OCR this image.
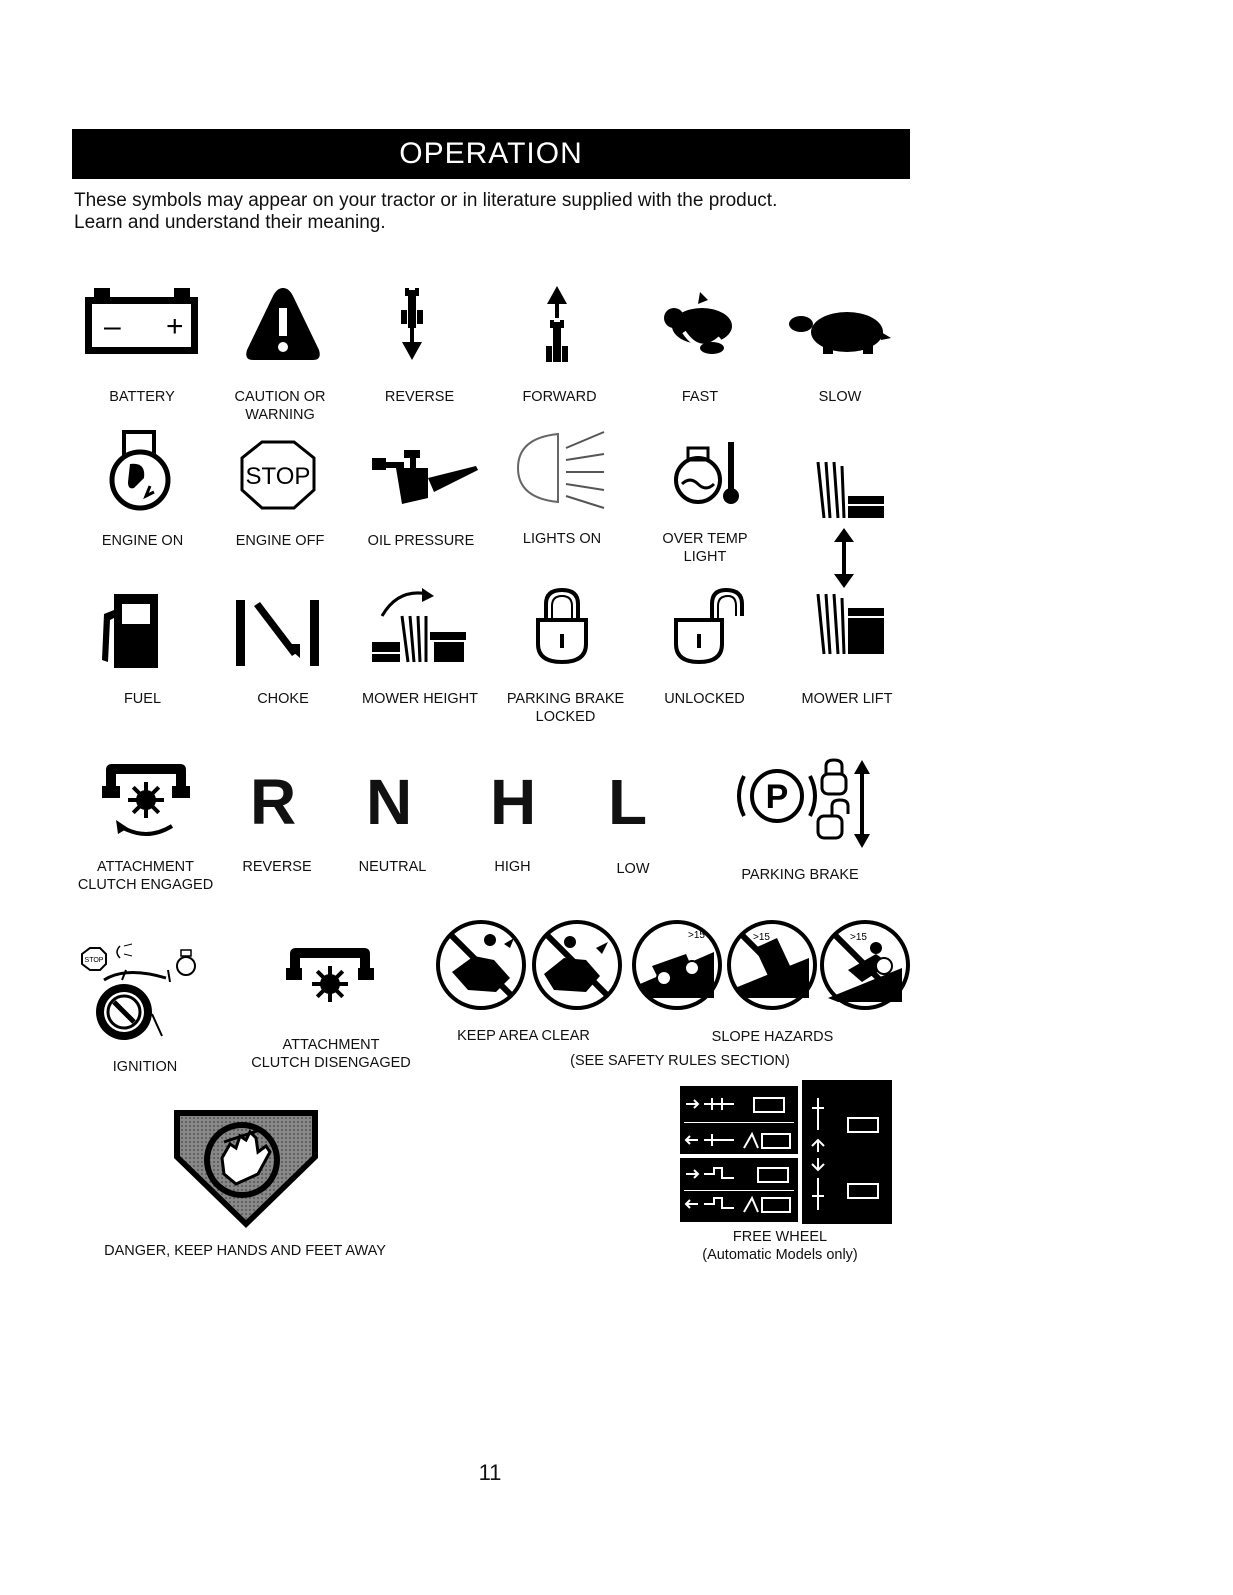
OPERATION
These symbols may appear on your tractor or in literature supplied with the product.
Learn and understand their meaning.
– +
BATTERY	CAUTION OR
WARNING
REVERSE	FORWARD	FAST	SLOW
ENGINE ON
STOP
ENGINE OFF	OIL PRESSURE	LIGHTS ON	OVER TEMP
LIGHT
FUEL	CHOKE	MOWER HEIGHT	PARKING BRAKE
LOCKED
UNLOCKED	MOWER LIFT
ATTACHMENT
CLUTCH ENGAGED
R
REVERSE
N
NEUTRAL
H
HIGH
L
LOW
P
PARKING BRAKE
STOP
IGNITION
ATTACHMENT
CLUTCH DISENGAGED
>15	>15	>15
KEEP AREA CLEAR	SLOPE HAZARDS
(SEE SAFETY RULES SECTION)
DANGER, KEEP HANDS AND FEET AWAY
FREE WHEEL
(Automatic Models only)
11
